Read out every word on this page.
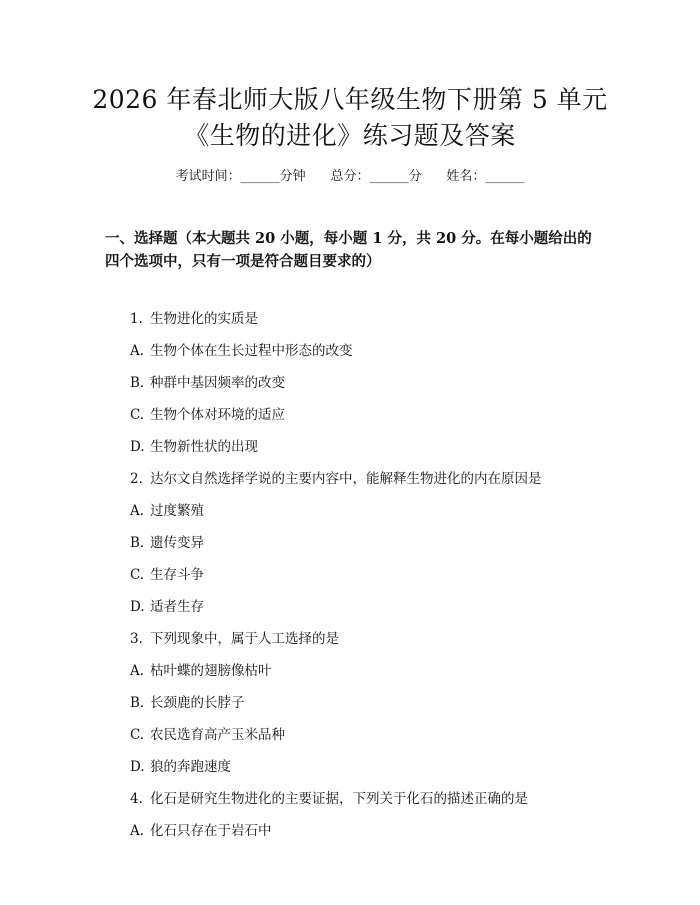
2026 年春北师大版八年级生物下册第 5 单元
《生物的进化》练习题及答案
考试时间：______分钟 总分：______分 姓名：______
一、选择题（本大题共 20 小题，每小题 1 分，共 20 分。在每小题给出的四个选项中，只有一项是符合题目要求的）
1. 生物进化的实质是
A. 生物个体在生长过程中形态的改变
B. 种群中基因频率的改变
C. 生物个体对环境的适应
D. 生物新性状的出现
2. 达尔文自然选择学说的主要内容中，能解释生物进化的内在原因是
A. 过度繁殖
B. 遗传变异
C. 生存斗争
D. 适者生存
3. 下列现象中，属于人工选择的是
A. 枯叶蝶的翅膀像枯叶
B. 长颈鹿的长脖子
C. 农民选育高产玉米品种
D. 狼的奔跑速度
4. 化石是研究生物进化的主要证据，下列关于化石的描述正确的是
A. 化石只存在于岩石中
